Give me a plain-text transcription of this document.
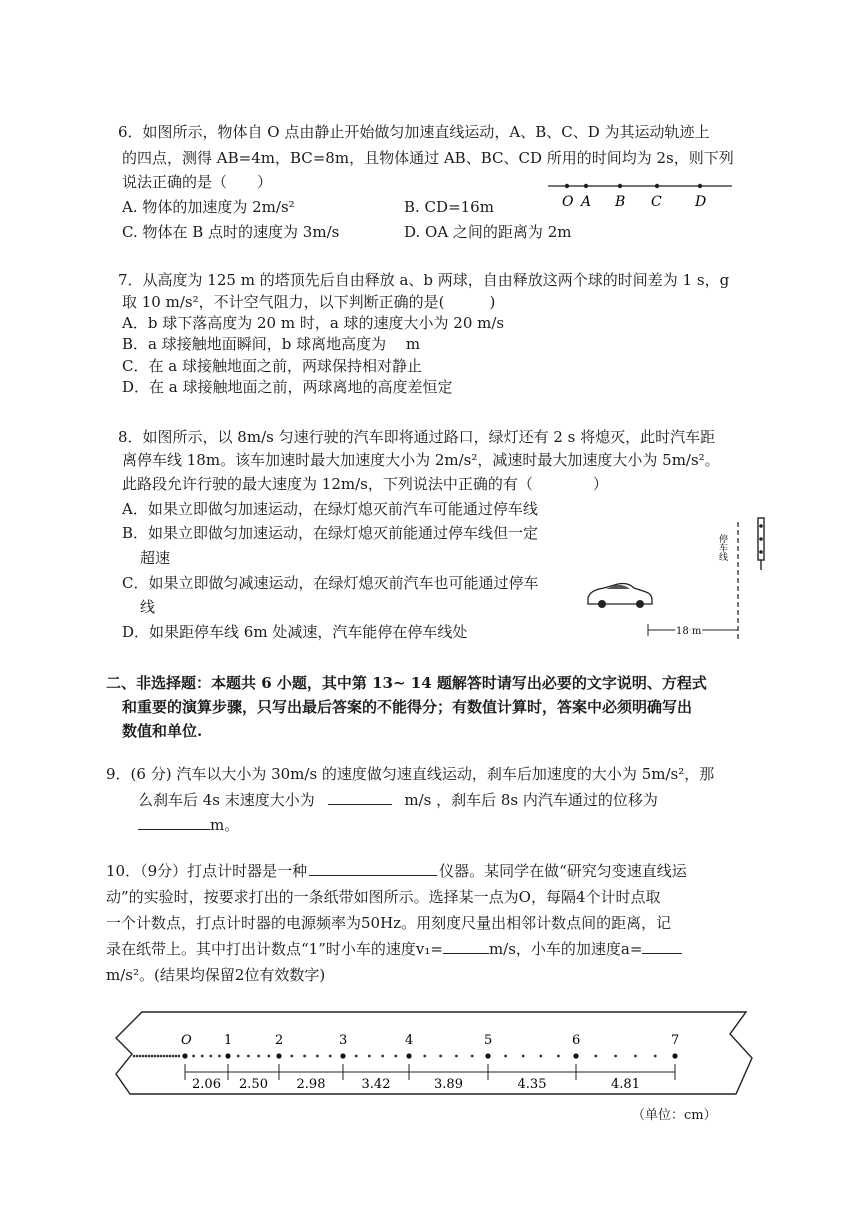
6．如图所示，物体自 O 点由静止开始做匀加速直线运动，A、B、C、D 为其运动轨迹上
的四点，测得 AB=4m，BC=8m，且物体通过 AB、BC、CD 所用的时间均为 2s，则下列
说法正确的是（　　）
A. 物体的加速度为 2m/s²	B. CD=16m
C. 物体在 B 点时的速度为 3m/s	D. OA 之间的距离为 2m
O A B C D
7．从高度为 125 m 的塔顶先后自由释放 a、b 两球，自由释放这两个球的时间差为 1 s，g
取 10 m/s²，不计空气阻力，以下判断正确的是(　　　)
A．b 球下落高度为 20 m 时，a 球的速度大小为 20 m/s
B．a 球接触地面瞬间，b 球离地高度为　 m
C．在 a 球接触地面之前，两球保持相对静止
D．在 a 球接触地面之前，两球离地的高度差恒定
8．如图所示，以 8m/s 匀速行驶的汽车即将通过路口，绿灯还有 2 s 将熄灭，此时汽车距
离停车线 18m。该车加速时最大加速度大小为 2m/s²，减速时最大加速度大小为 5m/s²。
此路段允许行驶的最大速度为 12m/s，下列说法中正确的有（　　　　）
A．如果立即做匀加速运动，在绿灯熄灭前汽车可能通过停车线
B．如果立即做匀加速运动，在绿灯熄灭前能通过停车线但一定
超速
C．如果立即做匀减速运动，在绿灯熄灭前汽车也可能通过停车
线
D．如果距停车线 6m 处减速，汽车能停在停车线处
停车线
18 m
二、非选择题：本题共 6 小题，其中第 13~ 14 题解答时请写出必要的文字说明、方程式
和重要的演算步骤，只写出最后答案的不能得分；有数值计算时，答案中必须明确写出
数值和单位.
9．(6 分) 汽车以大小为 30m/s 的速度做匀速直线运动，刹车后加速度的大小为 5m/s²，那
么刹车后 4s 末速度大小为	m/s ，刹车后 8s 内汽车通过的位移为
m。
10．（9分）打点计时器是一种	仪器。某同学在做“研究匀变速直线运
动”的实验时，按要求打出的一条纸带如图所示。选择某一点为O，每隔4个计时点取
一个计数点，打点计时器的电源频率为50Hz。用刻度尺量出相邻计数点间的距离，记
录在纸带上。其中打出计数点“1”时小车的速度v₁=	m/s，小车的加速度a=
m/s²。(结果均保留2位有效数字)
O 1	2	3	4	5	6	7
2.06 2.50 2.98	3.42	3.89	4.35	4.81
（单位：cm）
